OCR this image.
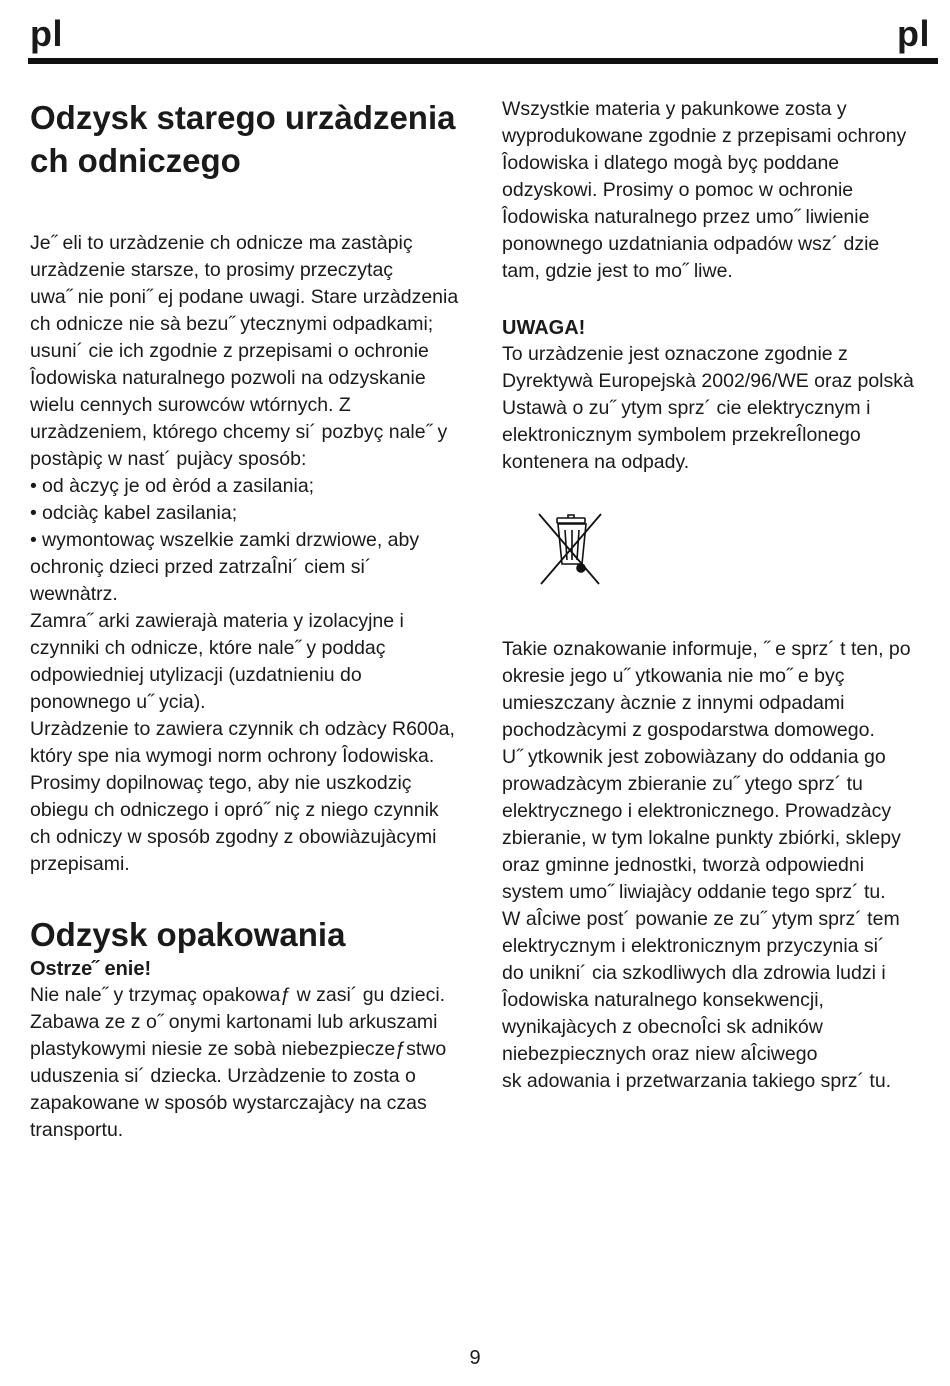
pl	pl
Odzysk starego urzàdzenia
ch odniczego

Je˝ eli to urzàdzenie ch odnicze ma zastàpiç
urzàdzenie starsze, to prosimy przeczytaç
uwa˝ nie poni˝ ej podane uwagi. Stare urzàdzenia
ch odnicze nie sà bezu˝ ytecznymi odpadkami;
usuni´ cie ich zgodnie z przepisami o ochronie
Îodowiska naturalnego pozwoli na odzyskanie
wielu cennych surowców wtórnych. Z
urzàdzeniem, którego chcemy si´ pozbyç nale˝ y
postàpiç w nast´ pujàcy sposób:

• od àczyç je od èród a zasilania;
• odciàç kabel zasilania;
• wymontowaç wszelkie zamki drzwiowe, aby
ochroniç dzieci przed zatrzaÎni´ ciem si´
wewnàtrz.

Zamra˝ arki zawierajà materia y izolacyjne i
czynniki ch odnicze, które nale˝ y poddaç
odpowiedniej utylizacji (uzdatnieniu do
ponownego u˝ ycia).
Urzàdzenie to zawiera czynnik ch odzàcy R600a,
który spe nia wymogi norm ochrony Îodowiska.
Prosimy dopilnowaç tego, aby nie uszkodziç
obiegu ch odniczego i opró˝ niç z niego czynnik
ch odniczy w sposób zgodny z obowiàzujàcymi
przepisami.

Odzysk opakowania
Ostrze˝ enie!

Nie nale˝ y trzymaç opakowaƒ w zasi´ gu dzieci.
Zabawa ze z o˝ onymi kartonami lub arkuszami
plastykowymi niesie ze sobà niebezpieczeƒstwo
uduszenia si´ dziecka. Urzàdzenie to zosta o
zapakowane w sposób wystarczajàcy na czas
transportu.

Wszystkie materia y pakunkowe zosta y
wyprodukowane zgodnie z przepisami ochrony
Îodowiska i dlatego mogà byç poddane
odzyskowi. Prosimy o pomoc w ochronie
Îodowiska naturalnego przez umo˝ liwienie
ponownego uzdatniania odpadów wsz´ dzie
tam, gdzie jest to mo˝ liwe.

UWAGA!

To urzàdzenie jest oznaczone zgodnie z
Dyrektywà Europejskà 2002/96/WE oraz polskà
Ustawà o zu˝ ytym sprz´ cie elektrycznym i
elektronicznym symbolem przekreÎlonego
kontenera na odpady.

Takie oznakowanie informuje, ˝ e sprz´ t ten, po
okresie jego u˝ ytkowania nie mo˝ e byç
umieszczany àcznie z innymi odpadami
pochodzàcymi z gospodarstwa domowego.
U˝ ytkownik jest zobowiàzany do oddania go
prowadzàcym zbieranie zu˝ ytego sprz´ tu
elektrycznego i elektronicznego. Prowadzàcy
zbieranie, w tym lokalne punkty zbiórki, sklepy
oraz gminne jednostki, tworzà odpowiedni
system umo˝ liwiajàcy oddanie tego sprz´ tu.
W aÎciwe post´ powanie ze zu˝ ytym sprz´ tem
elektrycznym i elektronicznym przyczynia si´
do unikni´ cia szkodliwych dla zdrowia ludzi i
Îodowiska naturalnego konsekwencji,
wynikajàcych z obecnoÎci sk adników
niebezpiecznych oraz niew aÎciwego
sk adowania i przetwarzania takiego sprz´ tu.

9
